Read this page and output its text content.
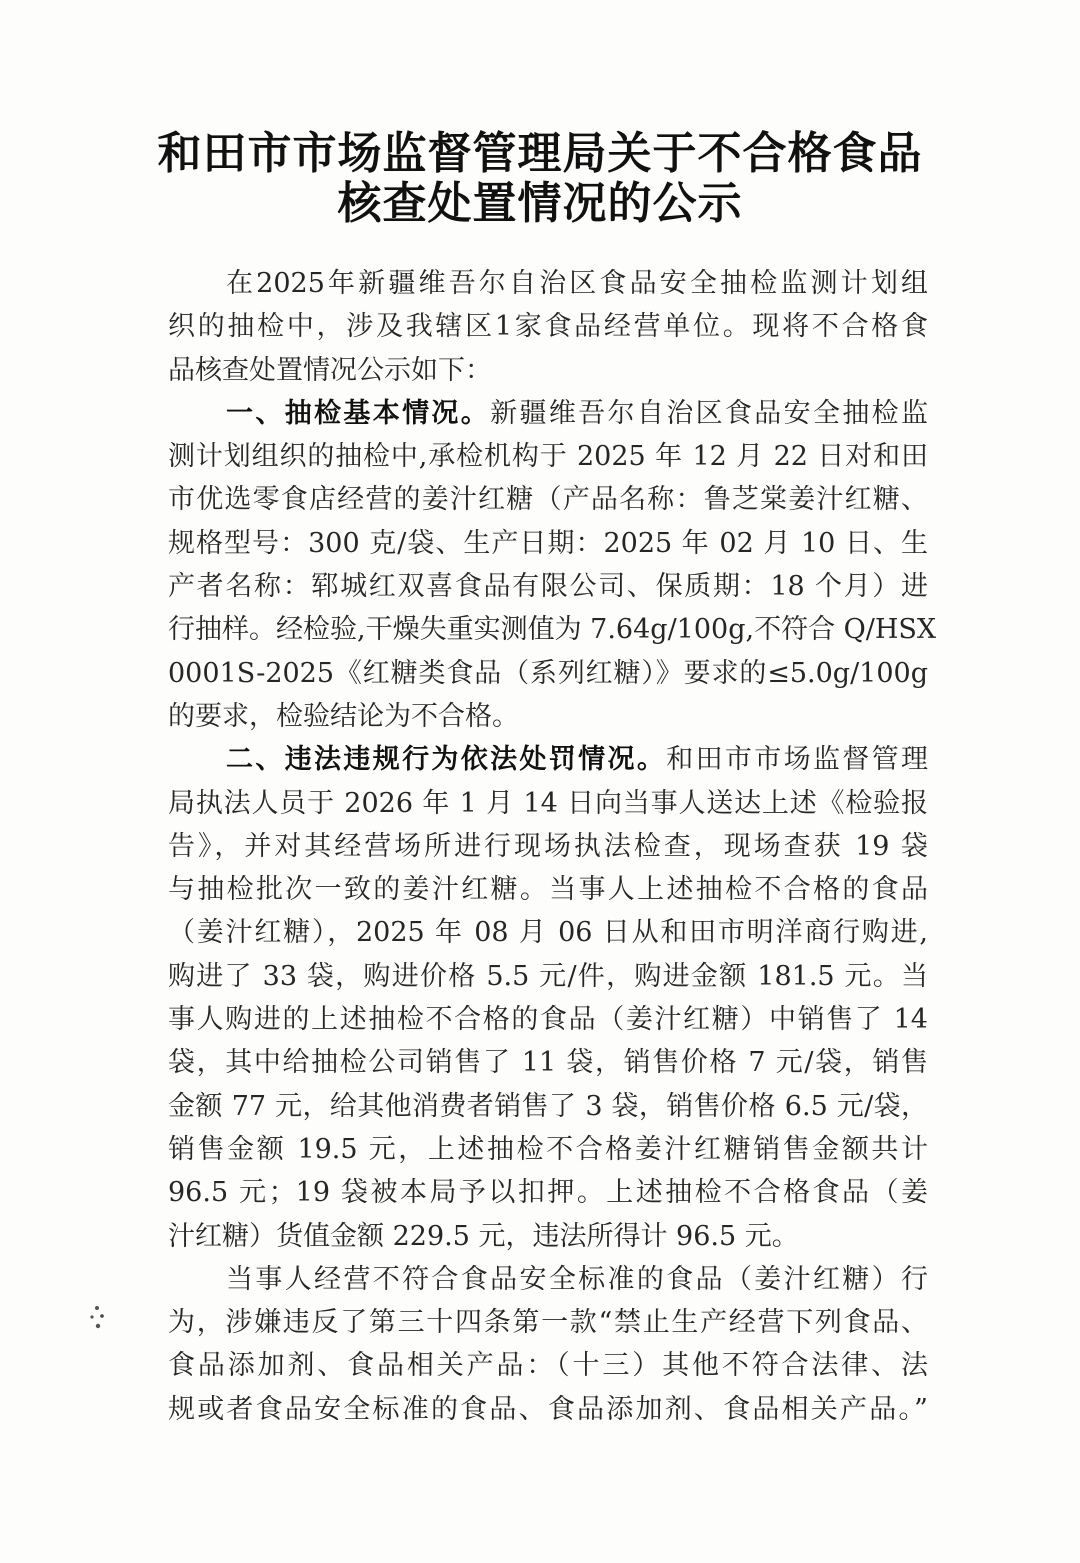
和田市市场监督管理局关于不合格食品
核查处置情况的公示
在2025年新疆维吾尔自治区食品安全抽检监测计划组
织的抽检中，涉及我辖区1家食品经营单位。现将不合格食
品核查处置情况公示如下：
一、抽检基本情况。新疆维吾尔自治区食品安全抽检监
测计划组织的抽检中,承检机构于 2025 年 12 月 22 日对和田
市优选零食店经营的姜汁红糖（产品名称：鲁芝棠姜汁红糖、
规格型号：300 克/袋、生产日期：2025 年 02 月 10 日、生
产者名称：郓城红双喜食品有限公司、保质期：18 个月）进
行抽样。经检验,干燥失重实测值为 7.64g/100g,不符合 Q/HSX
0001S-2025《红糖类食品（系列红糖）》要求的≤5.0g/100g
的要求，检验结论为不合格。
二、违法违规行为依法处罚情况。和田市市场监督管理
局执法人员于 2026 年 1 月 14 日向当事人送达上述《检验报
告》，并对其经营场所进行现场执法检查，现场查获 19 袋
与抽检批次一致的姜汁红糖。当事人上述抽检不合格的食品
（姜汁红糖），2025 年 08 月 06 日从和田市明洋商行购进,
购进了 33 袋，购进价格 5.5 元/件，购进金额 181.5 元。当
事人购进的上述抽检不合格的食品（姜汁红糖）中销售了 14
袋，其中给抽检公司销售了 11 袋，销售价格 7 元/袋，销售
金额 77 元，给其他消费者销售了 3 袋，销售价格 6.5 元/袋，
销售金额 19.5 元，上述抽检不合格姜汁红糖销售金额共计
96.5 元；19 袋被本局予以扣押。上述抽检不合格食品（姜
汁红糖）货值金额 229.5 元，违法所得计 96.5 元。
当事人经营不符合食品安全标准的食品（姜汁红糖）行
为，涉嫌违反了第三十四条第一款“禁止生产经营下列食品、
食品添加剂、食品相关产品：（十三）其他不符合法律、法
规或者食品安全标准的食品、食品添加剂、食品相关产品。”
